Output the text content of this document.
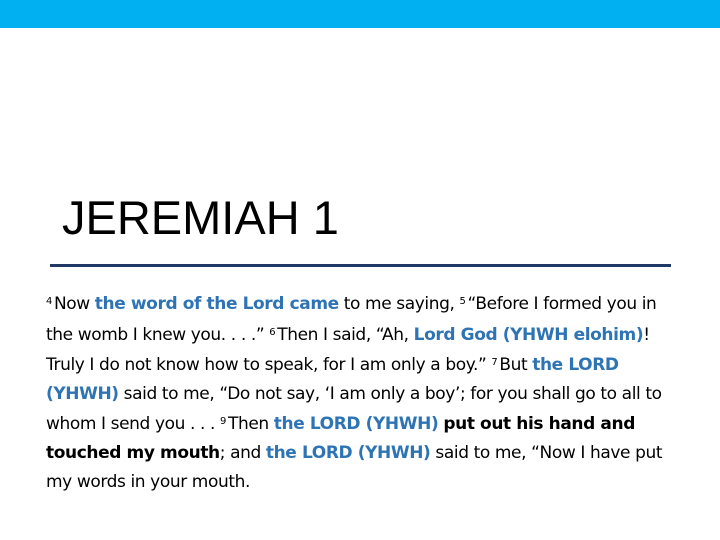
JEREMIAH 1

$^4$ Now the word of the Lord came to me saying, $^5$ “Before I formed you in the womb I knew you. . . .” $^6$ Then I said, “Ah, Lord God (YHWH elohim)! Truly I do not know how to speak, for I am only a boy.” $^7$ But the LORD (YHWH) said to me, “Do not say, ‘I am only a boy’; for you shall go to all to whom I send you . . . $^9$ Then the LORD (YHWH) put out his hand and touched my mouth; and the LORD (YHWH) said to me, “Now I have put my words in your mouth.
